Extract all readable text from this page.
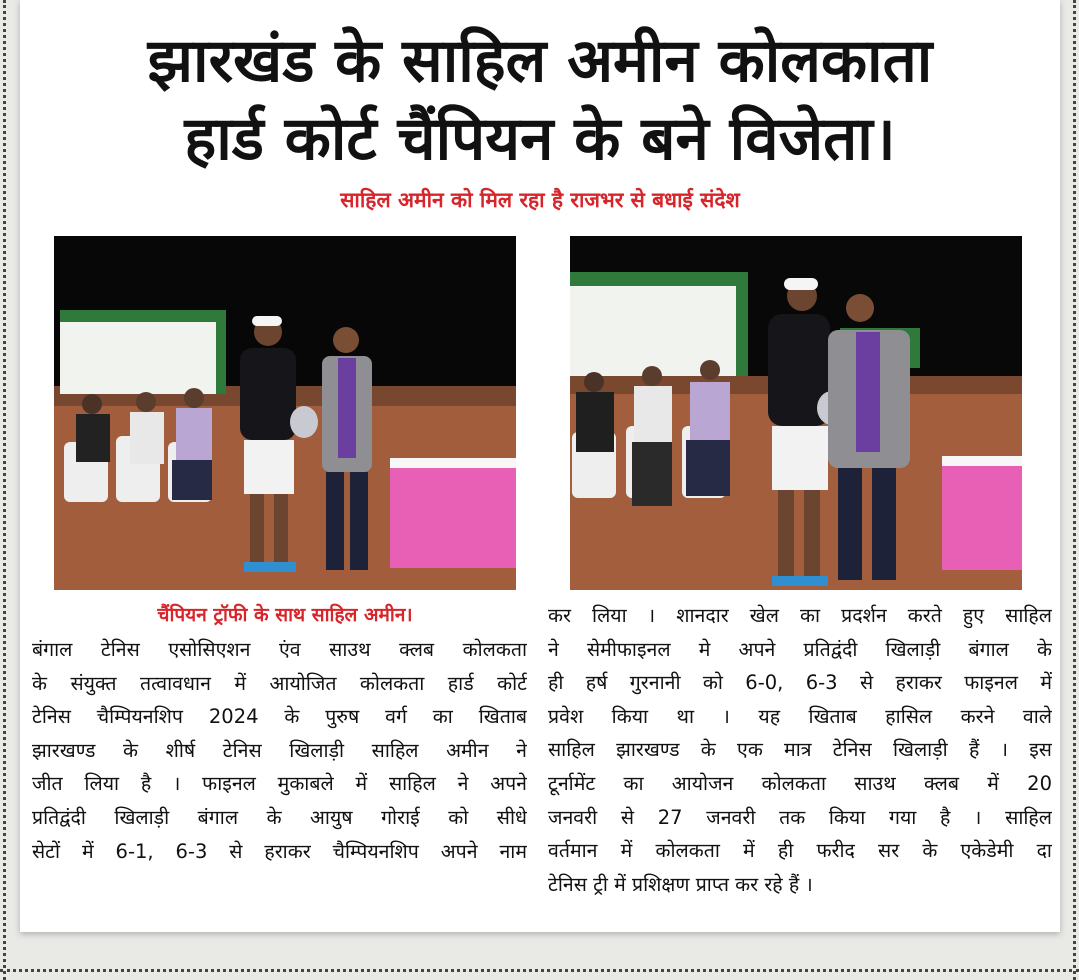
झारखंड के साहिल अमीन कोलकाता
हार्ड कोर्ट चैंपियन के बने विजेता।
साहिल अमीन को मिल रहा है राजभर से बधाई संदेश
चैंपियन ट्रॉफी के साथ साहिल अमीन।
बंगाल टेनिस एसोसिएशन एंव साउथ क्लब कोलकता
के संयुक्त तत्वावधान में आयोजित कोलकता हार्ड कोर्ट
टेनिस चैम्पियनशिप 2024 के पुरुष वर्ग का खिताब
झारखण्ड के शीर्ष टेनिस खिलाड़ी साहिल अमीन ने
जीत लिया है । फाइनल मुकाबले में साहिल ने अपने
प्रतिद्वंदी खिलाड़ी बंगाल के आयुष गोराई को सीधे
सेटों में 6-1, 6-3 से हराकर चैम्पियनशिप अपने नाम
कर लिया । शानदार खेल का प्रदर्शन करते हुए साहिल
ने सेमीफाइनल मे अपने प्रतिद्वंदी खिलाड़ी बंगाल के
ही हर्ष गुरनानी को 6-0, 6-3 से हराकर फाइनल में
प्रवेश किया था । यह खिताब हासिल करने वाले
साहिल झारखण्ड के एक मात्र टेनिस खिलाड़ी हैं । इस
टूर्नामेंट का आयोजन कोलकता साउथ क्लब में 20
जनवरी से 27 जनवरी तक किया गया है । साहिल
वर्तमान में कोलकता में ही फरीद सर के एकेडेमी दा
टेनिस ट्री में प्रशिक्षण प्राप्त कर रहे हैं ।
